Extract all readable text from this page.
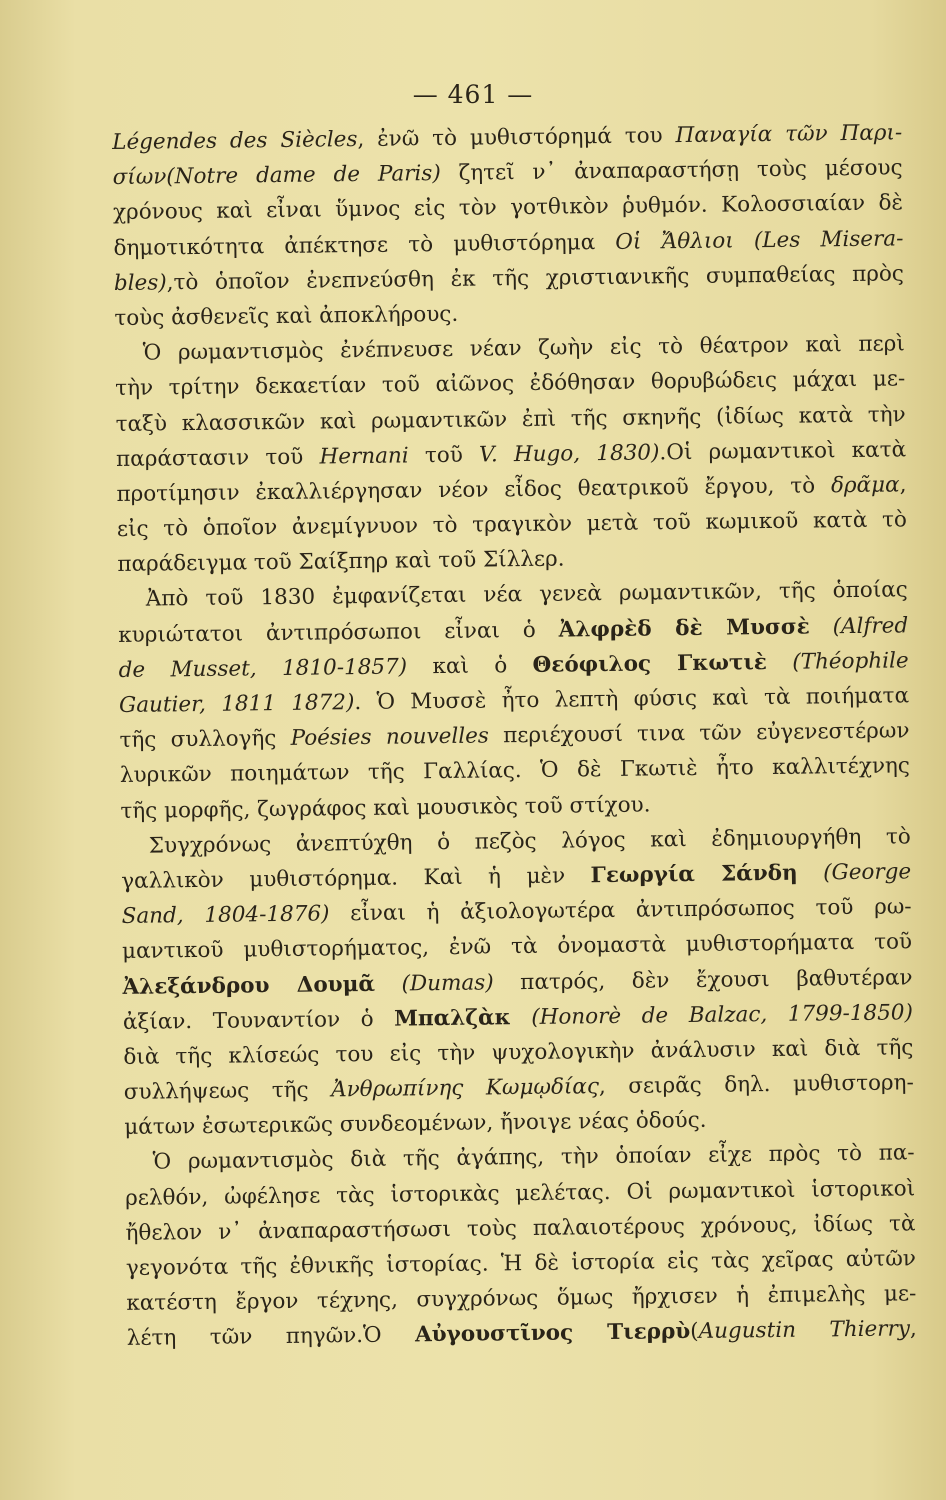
— 461 —
Légendes des Siècles, ἐνῶ τὸ μυθιστόρημά του Παναγία τῶν Παρι-
σίων(Notre dame de Paris) ζητεῖ ν᾽ ἀναπαραστήσῃ τοὺς μέσους
χρόνους καὶ εἶναι ὕμνος εἰς τὸν γοτθικὸν ῥυθμόν. Κολοσσιαίαν δὲ
δημοτικότητα ἀπέκτησε τὸ μυθιστόρημα Οἱ Ἄθλιοι (Les Misera-
bles),τὸ ὁποῖον ἐνεπνεύσθη ἐκ τῆς χριστιανικῆς συμπαθείας πρὸς
τοὺς ἀσθενεῖς καὶ ἀποκλήρους.
Ὁ ρωμαντισμὸς ἐνέπνευσε νέαν ζωὴν εἰς τὸ θέατρον καὶ περὶ
τὴν τρίτην δεκαετίαν τοῦ αἰῶνος ἐδόθησαν θορυβώδεις μάχαι με-
ταξὺ κλασσικῶν καὶ ρωμαντικῶν ἐπὶ τῆς σκηνῆς (ἰδίως κατὰ τὴν
παράστασιν τοῦ Hernani τοῦ V. Hugo, 1830).Οἱ ρωμαντικοὶ κατὰ
προτίμησιν ἐκαλλιέργησαν νέον εἶδος θεατρικοῦ ἔργου, τὸ δρᾶμα,
εἰς τὸ ὁποῖον ἀνεμίγνυον τὸ τραγικὸν μετὰ τοῦ κωμικοῦ κατὰ τὸ
παράδειγμα τοῦ Σαίξπηρ καὶ τοῦ Σίλλερ.
Ἀπὸ τοῦ 1830 ἐμφανίζεται νέα γενεὰ ρωμαντικῶν, τῆς ὁποίας
κυριώτατοι ἀντιπρόσωποι εἶναι ὁ Ἀλφρὲδ δὲ Μυσσὲ (Alfred
de Musset, 1810-1857) καὶ ὁ Θεόφιλος Γκωτιὲ (Théophile
Gautier, 1811 1872). Ὁ Μυσσὲ ἦτο λεπτὴ φύσις καὶ τὰ ποιήματα
τῆς συλλογῆς Poésies nouvelles περιέχουσί τινα τῶν εὐγενεστέρων
λυρικῶν ποιημάτων τῆς Γαλλίας. Ὁ δὲ Γκωτιὲ ἦτο καλλιτέχνης
τῆς μορφῆς, ζωγράφος καὶ μουσικὸς τοῦ στίχου.
Συγχρόνως ἀνεπτύχθη ὁ πεζὸς λόγος καὶ ἐδημιουργήθη τὸ
γαλλικὸν μυθιστόρημα. Καὶ ἡ μὲν Γεωργία Σάνδη (George
Sand, 1804-1876) εἶναι ἡ ἀξιολογωτέρα ἀντιπρόσωπος τοῦ ρω-
μαντικοῦ μυθιστορήματος, ἐνῶ τὰ ὀνομαστὰ μυθιστορήματα τοῦ
Ἀλεξάνδρου Δουμᾶ (Dumas) πατρός, δὲν ἔχουσι βαθυτέραν
ἀξίαν. Τουναντίον ὁ Μπαλζὰκ (Honorè de Balzac, 1799-1850)
διὰ τῆς κλίσεώς του εἰς τὴν ψυχολογικὴν ἀνάλυσιν καὶ διὰ τῆς
συλλήψεως τῆς Ἀνθρωπίνης Κωμῳδίας, σειρᾶς δηλ. μυθιστορη-
μάτων ἐσωτερικῶς συνδεομένων, ἤνοιγε νέας ὁδούς.
Ὁ ρωμαντισμὸς διὰ τῆς ἀγάπης, τὴν ὁποίαν εἶχε πρὸς τὸ πα-
ρελθόν, ὠφέλησε τὰς ἱστορικὰς μελέτας. Οἱ ρωμαντικοὶ ἱστορικοὶ
ἤθελον ν᾽ ἀναπαραστήσωσι τοὺς παλαιοτέρους χρόνους, ἰδίως τὰ
γεγονότα τῆς ἐθνικῆς ἱστορίας. Ἡ δὲ ἱστορία εἰς τὰς χεῖρας αὐτῶν
κατέστη ἔργον τέχνης, συγχρόνως ὅμως ἤρχισεν ἡ ἐπιμελὴς με-
λέτη τῶν πηγῶν.Ὁ Αὐγουστῖνος Τιερρὺ(Augustin Thierry,
